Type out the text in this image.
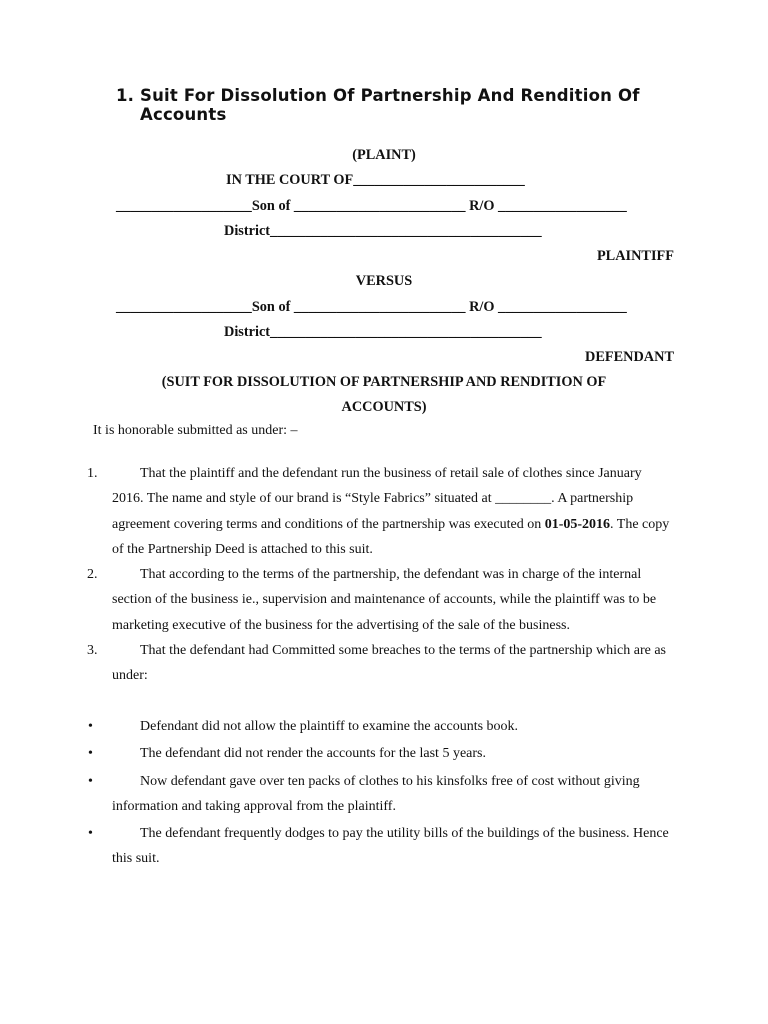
1. Suit For Dissolution Of Partnership And Rendition Of Accounts
(PLAINT)
IN THE COURT OF________________________
___________________Son of ________________________ R/O __________________
District______________________________________
PLAINTIFF
VERSUS
___________________Son of ________________________ R/O __________________
District______________________________________
DEFENDANT
(SUIT FOR DISSOLUTION OF PARTNERSHIP AND RENDITION OF
ACCOUNTS)
It is honorable submitted as under: –
1.	That the plaintiff and the defendant run the business of retail sale of clothes since January 2016. The name and style of our brand is “Style Fabrics” situated at ________. A partnership agreement covering terms and conditions of the partnership was executed on 01-05-2016. The copy of the Partnership Deed is attached to this suit.
2.	That according to the terms of the partnership, the defendant was in charge of the internal section of the business ie., supervision and maintenance of accounts, while the plaintiff was to be marketing executive of the business for the advertising of the sale of the business.
3.	That the defendant had Committed some breaches to the terms of the partnership which are as under:
•	Defendant did not allow the plaintiff to examine the accounts book.
•	The defendant did not render the accounts for the last 5 years.
•	Now defendant gave over ten packs of clothes to his kinsfolks free of cost without giving information and taking approval from the plaintiff.
•	The defendant frequently dodges to pay the utility bills of the buildings of the business. Hence this suit.
